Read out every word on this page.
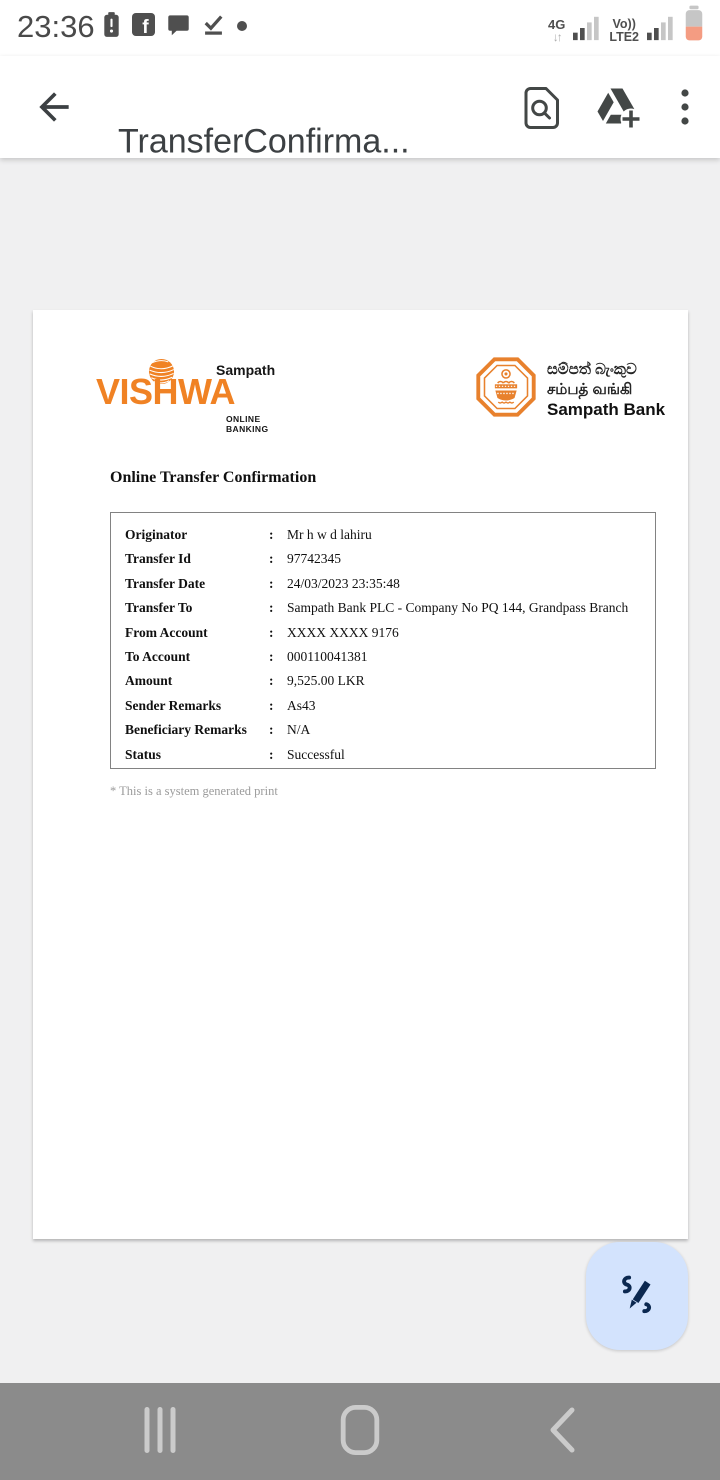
23:36 f	4G
↓↑
Vo))
LTE2
TransferConfirma...
Sampath
VISHWA
ONLINE BANKING
සම්පත් බැංකුව
சம்பத் வங்கி
Sampath Bank
Online Transfer Confirmation
Originator	:	Mr h w d lahiru
Transfer Id	:	97742345
Transfer Date	:	24/03/2023 23:35:48
Transfer To	:	Sampath Bank PLC - Company No PQ 144, Grandpass Branch
From Account	:	XXXX XXXX 9176
To Account	:	000110041381
Amount	:	9,525.00 LKR
Sender Remarks	:	As43
Beneficiary Remarks	:	N/A
Status	:	Successful
* This is a system generated print
